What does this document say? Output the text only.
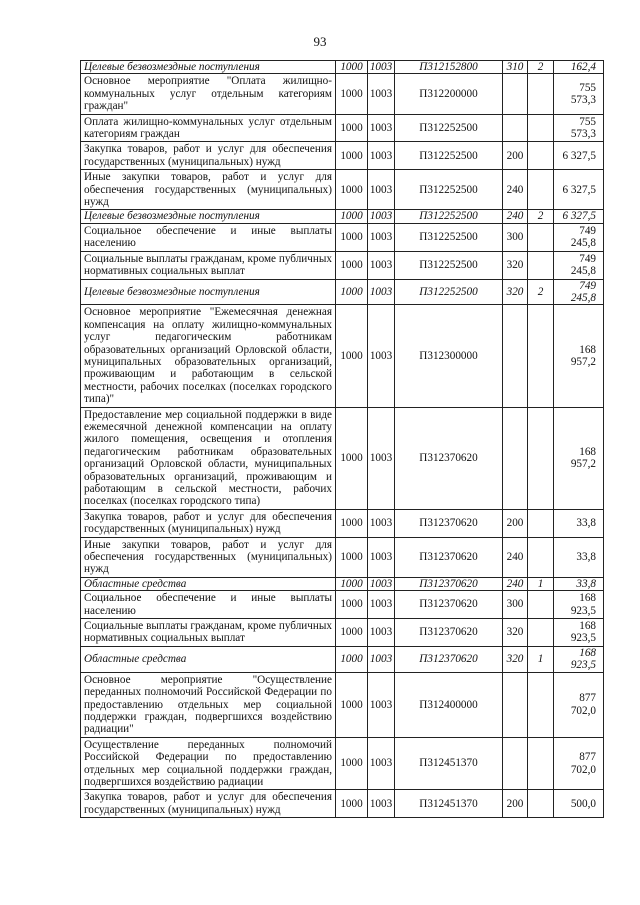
93
Целевые безвозмездные поступления	1000	1003	П312152800	310	2	162,4
Основное мероприятие "Оплата жилищно-коммунальных услуг отдельным категориям граждан"	1000	1003	П312200000			755 573,3
Оплата жилищно-коммунальных услуг отдельным категориям граждан	1000	1003	П312252500			755 573,3
Закупка товаров, работ и услуг для обеспечения государственных (муниципальных) нужд	1000	1003	П312252500	200		6 327,5
Иные закупки товаров, работ и услуг для обеспечения государственных (муниципальных) нужд	1000	1003	П312252500	240		6 327,5
Целевые безвозмездные поступления	1000	1003	П312252500	240	2	6 327,5
Социальное обеспечение и иные выплаты населению	1000	1003	П312252500	300		749 245,8
Социальные выплаты гражданам, кроме публичных нормативных социальных выплат	1000	1003	П312252500	320		749 245,8
Целевые безвозмездные поступления	1000	1003	П312252500	320	2	749 245,8
Основное мероприятие "Ежемесячная денежная компенсация на оплату жилищно-коммунальных услуг педагогическим работникам образовательных организаций Орловской области, муниципальных образовательных организаций, проживающим и работающим в сельской местности, рабочих поселках (поселках городского типа)"	1000	1003	П312300000			168 957,2
Предоставление мер социальной поддержки в виде ежемесячной денежной компенсации на оплату жилого помещения, освещения и отопления педагогическим работникам образовательных организаций Орловской области, муниципальных образовательных организаций, проживающим и работающим в сельской местности, рабочих поселках (поселках городского типа)	1000	1003	П312370620			168 957,2
Закупка товаров, работ и услуг для обеспечения государственных (муниципальных) нужд	1000	1003	П312370620	200		33,8
Иные закупки товаров, работ и услуг для обеспечения государственных (муниципальных) нужд	1000	1003	П312370620	240		33,8
Областные средства	1000	1003	П312370620	240	1	33,8
Социальное обеспечение и иные выплаты населению	1000	1003	П312370620	300		168 923,5
Социальные выплаты гражданам, кроме публичных нормативных социальных выплат	1000	1003	П312370620	320		168 923,5
Областные средства	1000	1003	П312370620	320	1	168 923,5
Основное мероприятие "Осуществление переданных полномочий Российской Федерации по предоставлению отдельных мер социальной поддержки граждан, подвергшихся воздействию радиации"	1000	1003	П312400000			877 702,0
Осуществление переданных полномочий Российской Федерации по предоставлению отдельных мер социальной поддержки граждан, подвергшихся воздействию радиации	1000	1003	П312451370			877 702,0
Закупка товаров, работ и услуг для обеспечения государственных (муниципальных) нужд	1000	1003	П312451370	200		500,0
